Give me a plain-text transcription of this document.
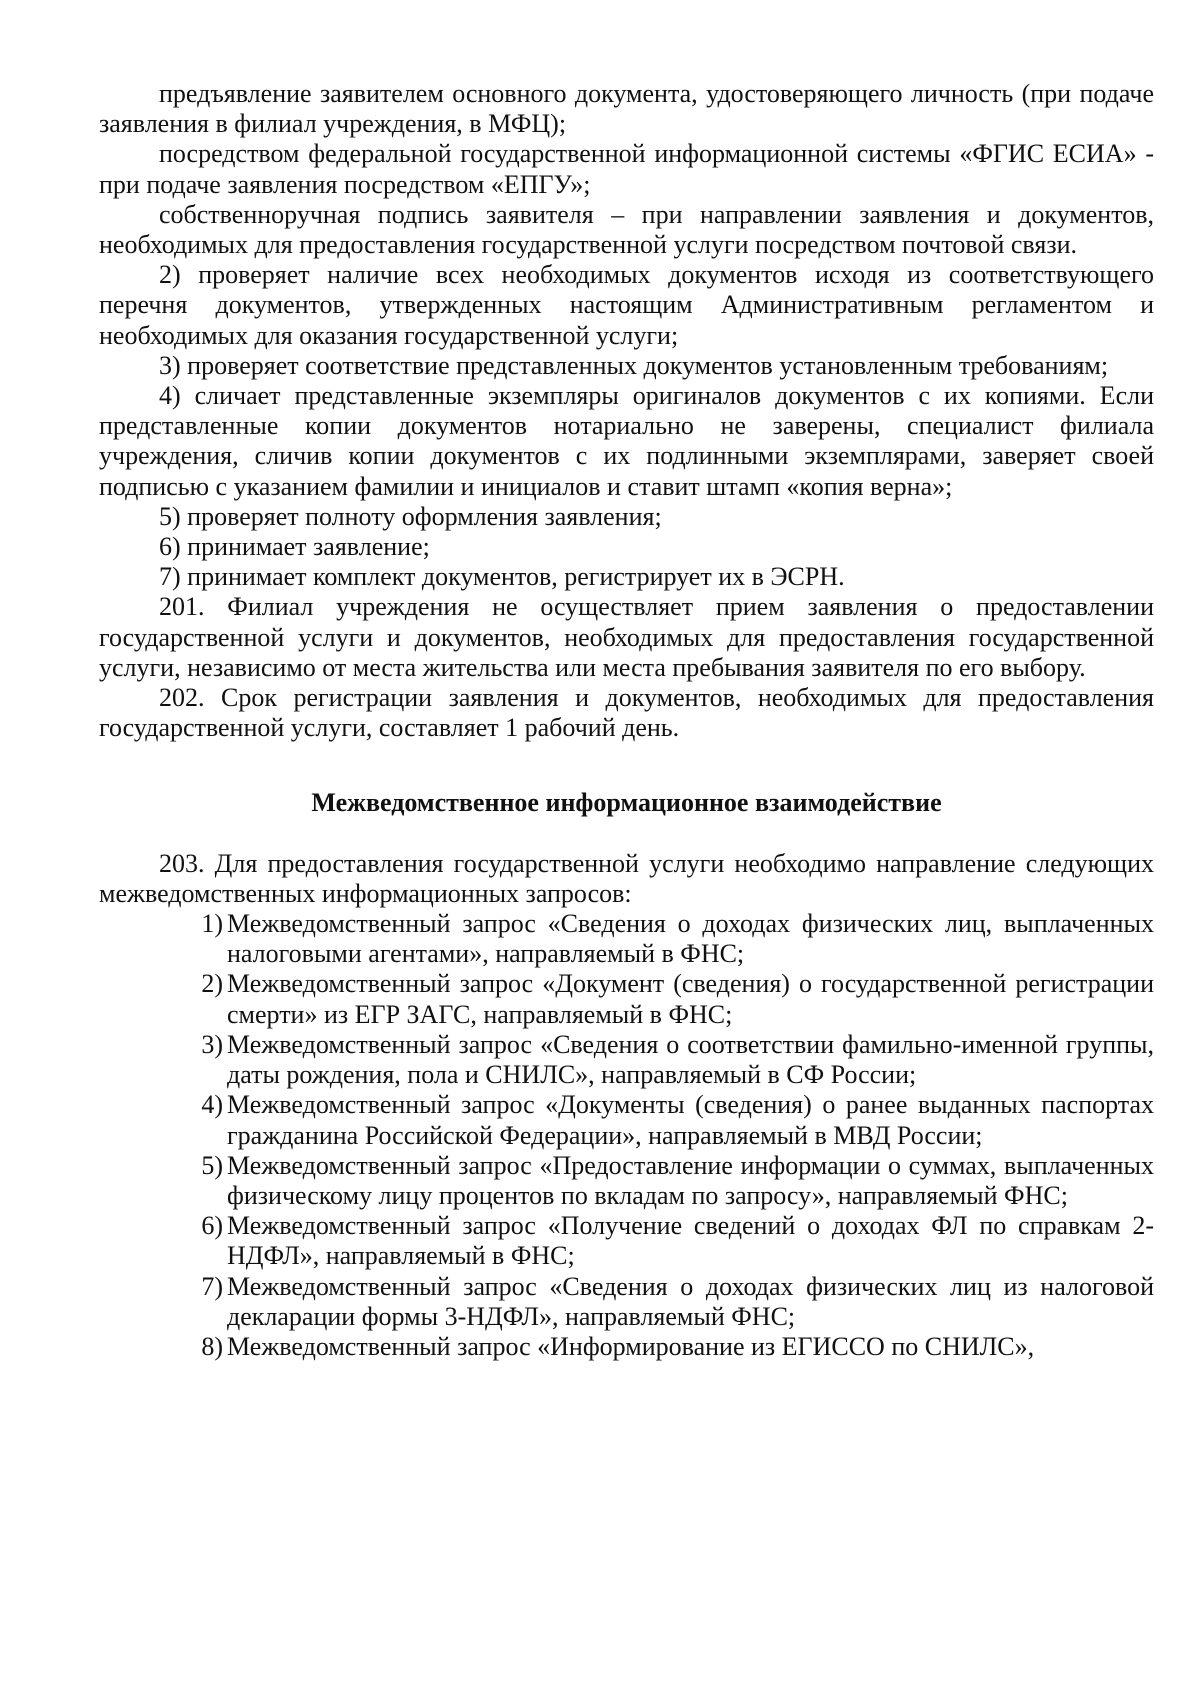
предъявление заявителем основного документа, удостоверяющего личность (при подаче заявления в филиал учреждения, в МФЦ);

посредством федеральной государственной информационной системы «ФГИС ЕСИА» - при подаче заявления посредством «ЕПГУ»;

собственноручная подпись заявителя – при направлении заявления и документов, необходимых для предоставления государственной услуги посредством почтовой связи.

2) проверяет наличие всех необходимых документов исходя из соответствующего перечня документов, утвержденных настоящим Административным регламентом и необходимых для оказания государственной услуги;

3) проверяет соответствие представленных документов установленным требованиям;

4) сличает представленные экземпляры оригиналов документов с их копиями. Если представленные копии документов нотариально не заверены, специалист филиала учреждения, сличив копии документов с их подлинными экземплярами, заверяет своей подписью с указанием фамилии и инициалов и ставит штамп «копия верна»;

5) проверяет полноту оформления заявления;

6) принимает заявление;

7) принимает комплект документов, регистрирует их в ЭСРН.

201. Филиал учреждения не осуществляет прием заявления о предоставлении государственной услуги и документов, необходимых для предоставления государственной услуги, независимо от места жительства или места пребывания заявителя по его выбору.

202. Срок регистрации заявления и документов, необходимых для предоставления государственной услуги, составляет 1 рабочий день.

Межведомственное информационное взаимодействие

203. Для предоставления государственной услуги необходимо направление следующих межведомственных информационных запросов:

1) Межведомственный запрос «Сведения о доходах физических лиц, выплаченных налоговыми агентами», направляемый в ФНС;
2) Межведомственный запрос «Документ (сведения) о государственной регистрации смерти» из ЕГР ЗАГС, направляемый в ФНС;
3) Межведомственный запрос «Сведения о соответствии фамильно-именной группы, даты рождения, пола и СНИЛС», направляемый в СФ России;
4) Межведомственный запрос «Документы (сведения) о ранее выданных паспортах гражданина Российской Федерации», направляемый в МВД России;
5) Межведомственный запрос «Предоставление информации о суммах, выплаченных физическому лицу процентов по вкладам по запросу», направляемый ФНС;
6) Межведомственный запрос «Получение сведений о доходах ФЛ по справкам 2-НДФЛ», направляемый в ФНС;
7) Межведомственный запрос «Сведения о доходах физических лиц из налоговой декларации формы 3-НДФЛ», направляемый ФНС;
8) Межведомственный запрос «Информирование из ЕГИССО по СНИЛС»,
